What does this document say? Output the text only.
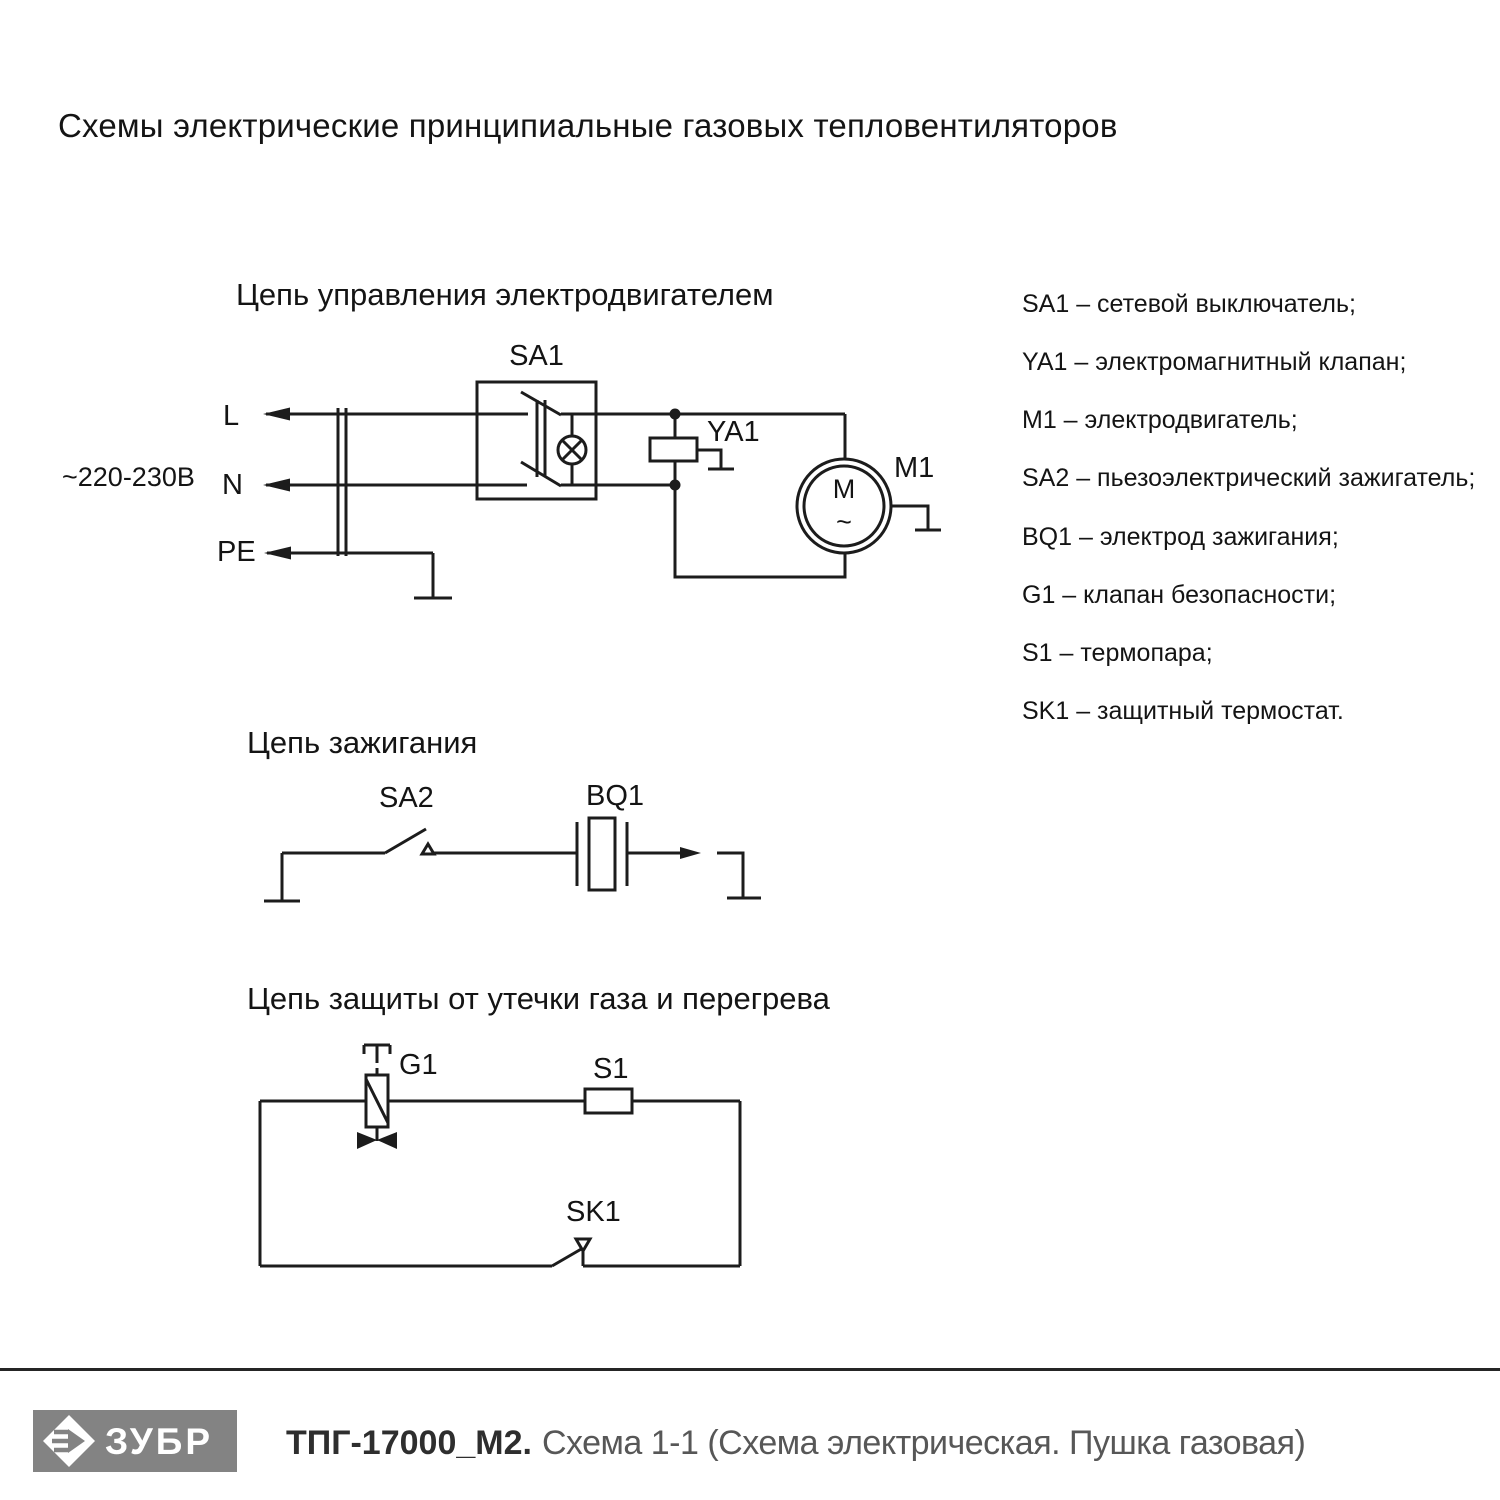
Схемы электрические принципиальные газовых тепловентиляторов
Цепь управления электродвигателем
SA1
~220-230В
L
N
PE
YA1
M1
M
~
Цепь зажигания
SA2	BQ1
Цепь защиты от утечки газа и перегрева
G1	S1
SK1
SA1 – сетевой выключатель;
YA1 – электромагнитный клапан;
M1 – электродвигатель;
SA2 – пьезоэлектрический зажигатель;
BQ1 – электрод зажигания;
G1 – клапан безопасности;
S1 – термопара;
SK1 – защитный термостат.
ЗУБР ТПГ-17000_М2. Схема 1-1 (Схема электрическая. Пушка газовая)
